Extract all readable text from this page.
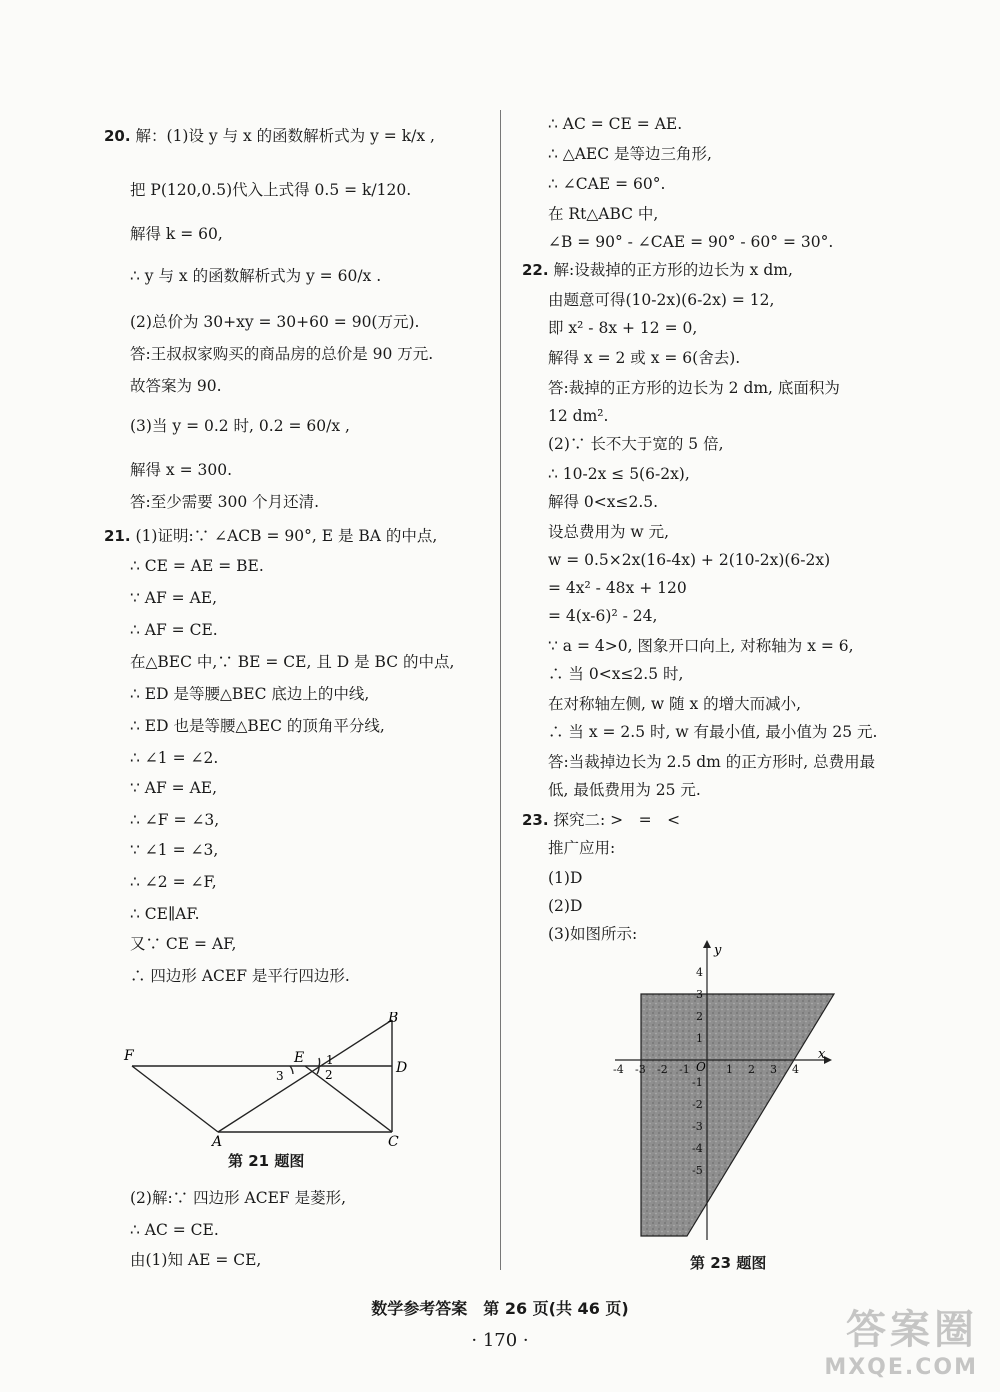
20. 解：(1)设 y 与 x 的函数解析式为 y = k/x ,
把 P(120,0.5)代入上式得 0.5 = k/120.
解得 k = 60,
∴ y 与 x 的函数解析式为 y = 60/x .
(2)总价为 30+xy = 30+60 = 90(万元).
答:王叔叔家购买的商品房的总价是 90 万元.
故答案为 90.
(3)当 y = 0.2 时, 0.2 = 60/x ,
解得 x = 300.
答:至少需要 300 个月还清.
21. (1)证明:∵ ∠ACB = 90°, E 是 BA 的中点,
∴ CE = AE = BE.
∵ AF = AE,
∴ AF = CE.
在△BEC 中,∵ BE = CE, 且 D 是 BC 的中点,
∴ ED 是等腰△BEC 底边上的中线,
∴ ED 也是等腰△BEC 的顶角平分线,
∴ ∠1 = ∠2.
∵ AF = AE,
∴ ∠F = ∠3,
∵ ∠1 = ∠3,
∴ ∠2 = ∠F,
∴ CE∥AF.
又∵ CE = AF,
∴ 四边形 ACEF 是平行四边形.
(2)解:∵ 四边形 ACEF 是菱形,
∴ AC = CE.
由(1)知 AE = CE,
∴ AC = CE = AE.
∴ △AEC 是等边三角形,
∴ ∠CAE = 60°.
在 Rt△ABC 中,
∠B = 90° - ∠CAE = 90° - 60° = 30°.
22. 解:设裁掉的正方形的边长为 x dm,
由题意可得(10-2x)(6-2x) = 12,
即 x² - 8x + 12 = 0,
解得 x = 2 或 x = 6(舍去).
答:裁掉的正方形的边长为 2 dm, 底面积为
12 dm².
(2)∵ 长不大于宽的 5 倍,
∴ 10-2x ≤ 5(6-2x),
解得 0<x≤2.5.
设总费用为 w 元,
w = 0.5×2x(16-4x) + 2(10-2x)(6-2x)
= 4x² - 48x + 120
= 4(x-6)² - 24,
∵ a = 4>0, 图象开口向上, 对称轴为 x = 6,
∴ 当 0<x≤2.5 时,
在对称轴左侧, w 随 x 的增大而减小,
∴ 当 x = 2.5 时, w 有最小值, 最小值为 25 元.
答:当裁掉边长为 2.5 dm 的正方形时, 总费用最
低, 最低费用为 25 元.
23. 探究二: >　=　<
推广应用:
(1)D
(2)D
(3)如图所示:
F
A
B
C
D
E 1
2
3
第 21 题图
x
y
O
-4 -3 -2 -1	1 2 3 4
4
3
2
1
-1
-2
-3
-4
-5
第 23 题图
数学参考答案　第 26 页(共 46 页)
· 170 ·	答案圈
MXQE.COM
